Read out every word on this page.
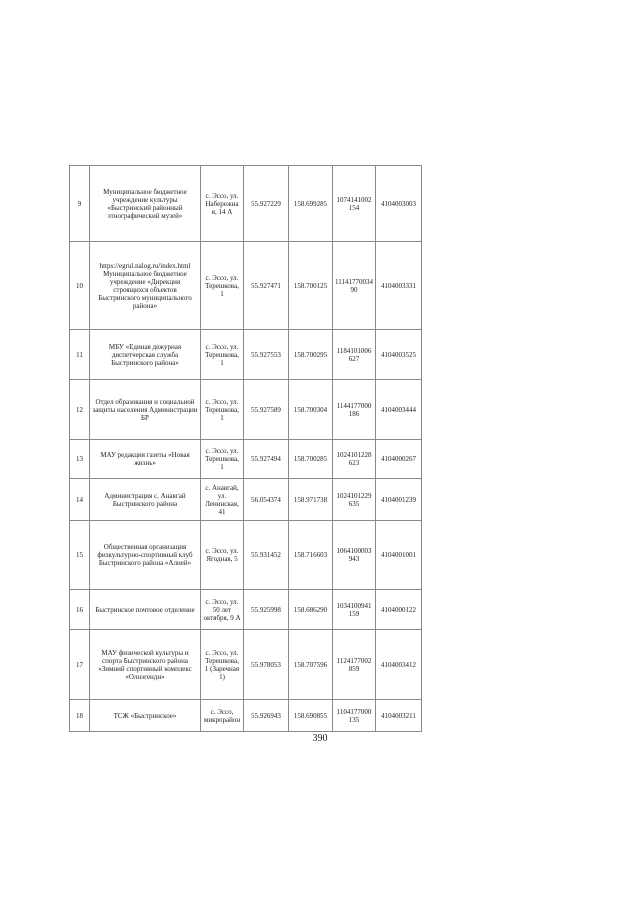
9	Муниципальное бюджетное учреждение культуры «Быстринский районный этнографический музей»	с. Эссо, ул. Набережна я, 14 А	55.927229	158.699285	1074141002154	4104003003
10	https://egrul.nalog.ru/index.html Муниципальное бюджетное учреждение «Дирекция строящихся объектов Быстринского муниципального района»	с. Эссо, ул. Терешкова, 1	55.927471	158.700125	1114177003490	4104003331
11	МБУ «Единая дежурная диспетчерская служба Быстринского района»	с. Эссо, ул. Терешкова, 1	55.927553	158.700295	1184101006627	4104003525
12	Отдел образования и социальной защиты населения Администрации БР	с. Эссо, ул. Терешкова, 1	55.927589	158.700304	1144177000186	4104003444
13	МАУ редакция газеты «Новая жизнь»	с. Эссо, ул. Терешкова, 1	55.927494	158.700285	1024101228623	4104000267
14	Администрация с. Анавгай Быстринского района	с. Анавгай, ул. Ленинская, 41	56.054374	158.971738	1024101229635	4104001239
15	Общественная организация физкультурно-спортивный клуб Быстринского района «Алней»	с. Эссо, ул. Ягодная, 5	55.931452	158.716603	1064100003943	4104001001
16	Быстринское почтовое отделение	с. Эссо, ул. 50 лет октября, 9 А	55.925998	158.686290	1034100941159	4104000122
17	МАУ физической культуры и спорта Быстринского района «Зимний спортивный комплекс «Олнэгенди»	с. Эссо, ул. Терешкова, 1 (Заречная 1)	55.978053	158.707596	1124177002859	4104003412
18	ТСЖ «Быстринское»	с. Эссо, микрорайон	55.926943	158.690855	1104177000135	4104003211
390
